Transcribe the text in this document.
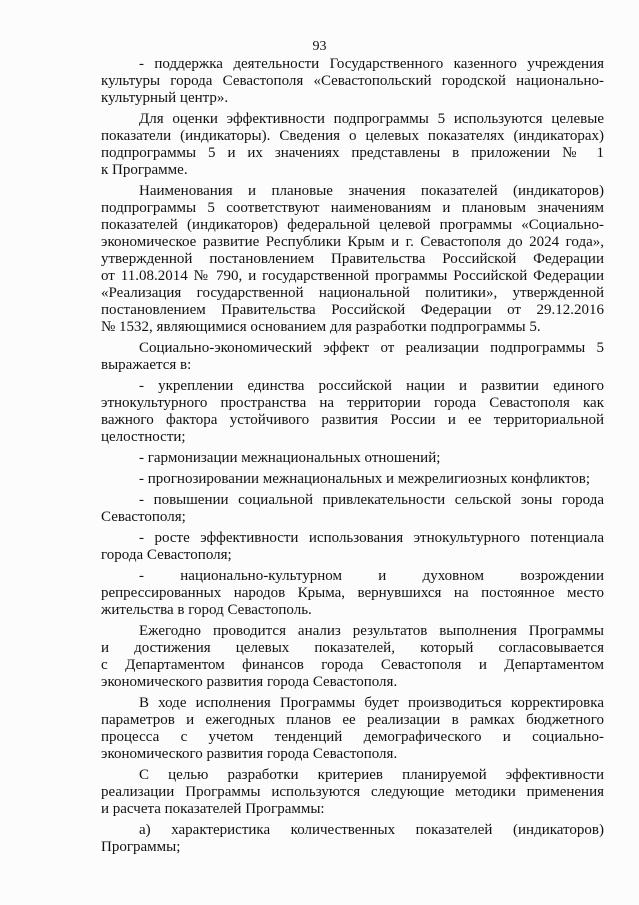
93
- поддержка деятельности Государственного казенного учреждения
культуры города Севастополя «Севастопольский городской национально-
культурный центр».
Для оценки эффективности подпрограммы 5 используются целевые
показатели (индикаторы). Сведения о целевых показателях (индикаторах)
подпрограммы 5 и их значениях представлены в приложении № 1
к Программе.
Наименования и плановые значения показателей (индикаторов)
подпрограммы 5 соответствуют наименованиям и плановым значениям
показателей (индикаторов) федеральной целевой программы «Социально-
экономическое развитие Республики Крым и г. Севастополя до 2024 года»,
утвержденной постановлением Правительства Российской Федерации
от 11.08.2014 № 790, и государственной программы Российской Федерации
«Реализация государственной национальной политики», утвержденной
постановлением Правительства Российской Федерации от 29.12.2016
№ 1532, являющимися основанием для разработки подпрограммы 5.
Социально-экономический эффект от реализации подпрограммы 5
выражается в:
- укреплении единства российской нации и развитии единого
этнокультурного пространства на территории города Севастополя как
важного фактора устойчивого развития России и ее территориальной
целостности;
- гармонизации межнациональных отношений;
- прогнозировании межнациональных и межрелигиозных конфликтов;
- повышении социальной привлекательности сельской зоны города
Севастополя;
- росте эффективности использования этнокультурного потенциала
города Севастополя;
- национально-культурном и духовном возрождении
репрессированных народов Крыма, вернувшихся на постоянное место
жительства в город Севастополь.
Ежегодно проводится анализ результатов выполнения Программы
и достижения целевых показателей, который согласовывается
с Департаментом финансов города Севастополя и Департаментом
экономического развития города Севастополя.
В ходе исполнения Программы будет производиться корректировка
параметров и ежегодных планов ее реализации в рамках бюджетного
процесса с учетом тенденций демографического и социально-
экономического развития города Севастополя.
С целью разработки критериев планируемой эффективности
реализации Программы используются следующие методики применения
и расчета показателей Программы:
а) характеристика количественных показателей (индикаторов)
Программы;
